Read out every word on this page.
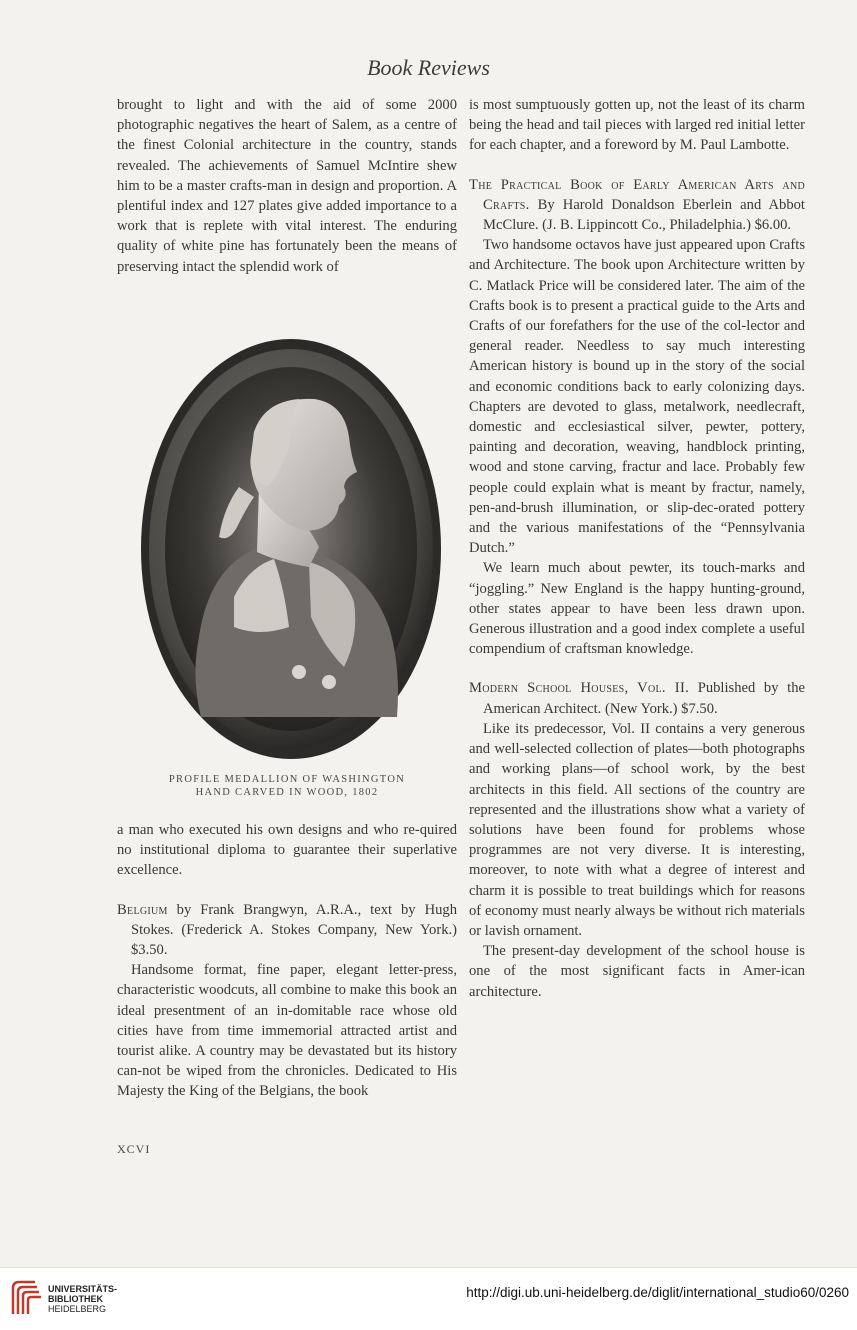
Book Reviews

brought to light and with the aid of some 2000 photographic negatives the heart of Salem, as a centre of the finest Colonial architecture in the country, stands revealed. The achievements of Samuel McIntire shew him to be a master crafts-man in design and proportion. A plentiful index and 127 plates give added importance to a work that is replete with vital interest. The enduring quality of white pine has fortunately been the means of preserving intact the splendid work of

PROFILE MEDALLION OF WASHINGTON
HAND CARVED IN WOOD, 1802

a man who executed his own designs and who re-quired no institutional diploma to guarantee their superlative excellence.

Belgium by Frank Brangwyn, A.R.A., text by Hugh Stokes. (Frederick A. Stokes Company, New York.) $3.50.

Handsome format, fine paper, elegant letter-press, characteristic woodcuts, all combine to make this book an ideal presentment of an in-domitable race whose old cities have from time immemorial attracted artist and tourist alike. A country may be devastated but its history can-not be wiped from the chronicles. Dedicated to His Majesty the King of the Belgians, the book

XCVI

is most sumptuously gotten up, not the least of its charm being the head and tail pieces with larged red initial letter for each chapter, and a foreword by M. Paul Lambotte.

The Practical Book of Early American Arts and Crafts. By Harold Donaldson Eberlein and Abbot McClure. (J. B. Lippincott Co., Philadelphia.) $6.00.

Two handsome octavos have just appeared upon Crafts and Architecture. The book upon Architecture written by C. Matlack Price will be considered later. The aim of the Crafts book is to present a practical guide to the Arts and Crafts of our forefathers for the use of the col-lector and general reader. Needless to say much interesting American history is bound up in the story of the social and economic conditions back to early colonizing days. Chapters are devoted to glass, metalwork, needlecraft, domestic and ecclesiastical silver, pewter, pottery, painting and decoration, weaving, handblock printing, wood and stone carving, fractur and lace. Probably few people could explain what is meant by fractur, namely, pen-and-brush illumination, or slip-dec-orated pottery and the various manifestations of the “Pennsylvania Dutch.”

We learn much about pewter, its touch-marks and “joggling.” New England is the happy hunting-ground, other states appear to have been less drawn upon. Generous illustration and a good index complete a useful compendium of craftsman knowledge.

Modern School Houses, Vol. II. Published by the American Architect. (New York.) $7.50.

Like its predecessor, Vol. II contains a very generous and well-selected collection of plates—both photographs and working plans—of school work, by the best architects in this field. All sections of the country are represented and the illustrations show what a variety of solutions have been found for problems whose programmes are not very diverse. It is interesting, moreover, to note with what a degree of interest and charm it is possible to treat buildings which for reasons of economy must nearly always be without rich materials or lavish ornament.

The present-day development of the school house is one of the most significant facts in Amer-ican architecture.

UNIVERSITÄTS-
BIBLIOTHEK
HEIDELBERG
http://digi.ub.uni-heidelberg.de/diglit/international_studio60/0260
